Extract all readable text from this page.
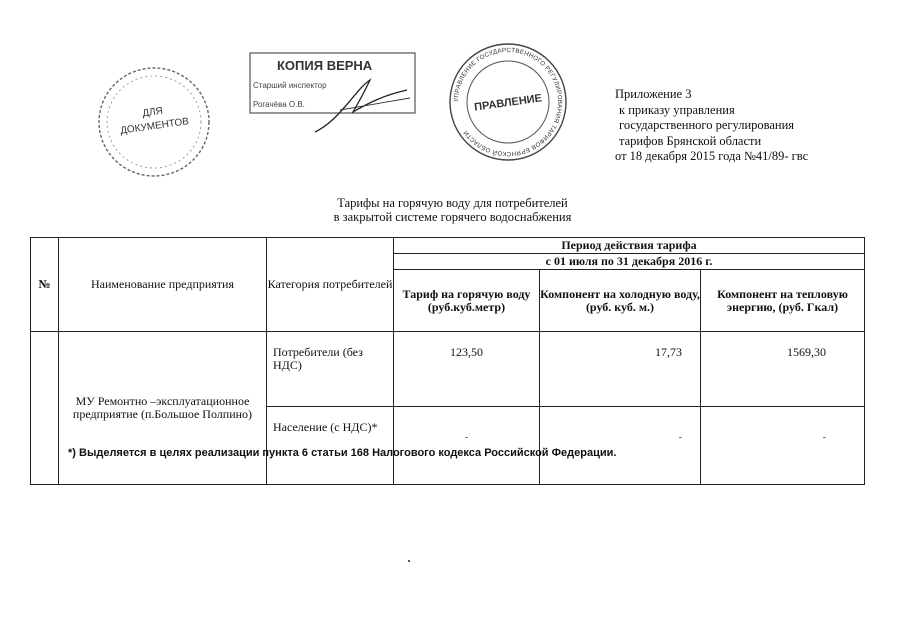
ДЛЯ
ДОКУМЕНТОВ
КОПИЯ ВЕРНА
Старший инспектор
Рогачёва О.В.
УПРАВЛЕНИЕ ГОСУДАРСТВЕННОГО РЕГУЛИРОВАНИЯ ТАРИФОВ БРЯНСКОЙ ОБЛАСТИ
ПРАВЛЕНИЕ	Приложение 3
к приказу управления
государственного регулирования
тарифов Брянской области
от 18 декабря 2015 года №41/89- гвс
Тарифы на горячую воду для потребителей
в закрытой системе горячего водоснабжения
№	Наименование предприятия	Категория потребителей	Период действия тарифа		
			с 01 июля по 31 декабря 2016 г.		
			Тариф на горячую воду (руб.куб.метр)	Компонент на холодную воду, (руб. куб. м.)	Компонент на тепловую энергию, (руб. Гкал)
	МУ Ремонтно –эксплуатационное предприятие (п.Большое Полпино)	Потребители (без НДС)	123,50	17,73	1569,30
		Население (с НДС)*	-	-	-
*) Выделяется в целях реализации пункта 6 статьи 168 Налогового кодекса Российской Федерации.
